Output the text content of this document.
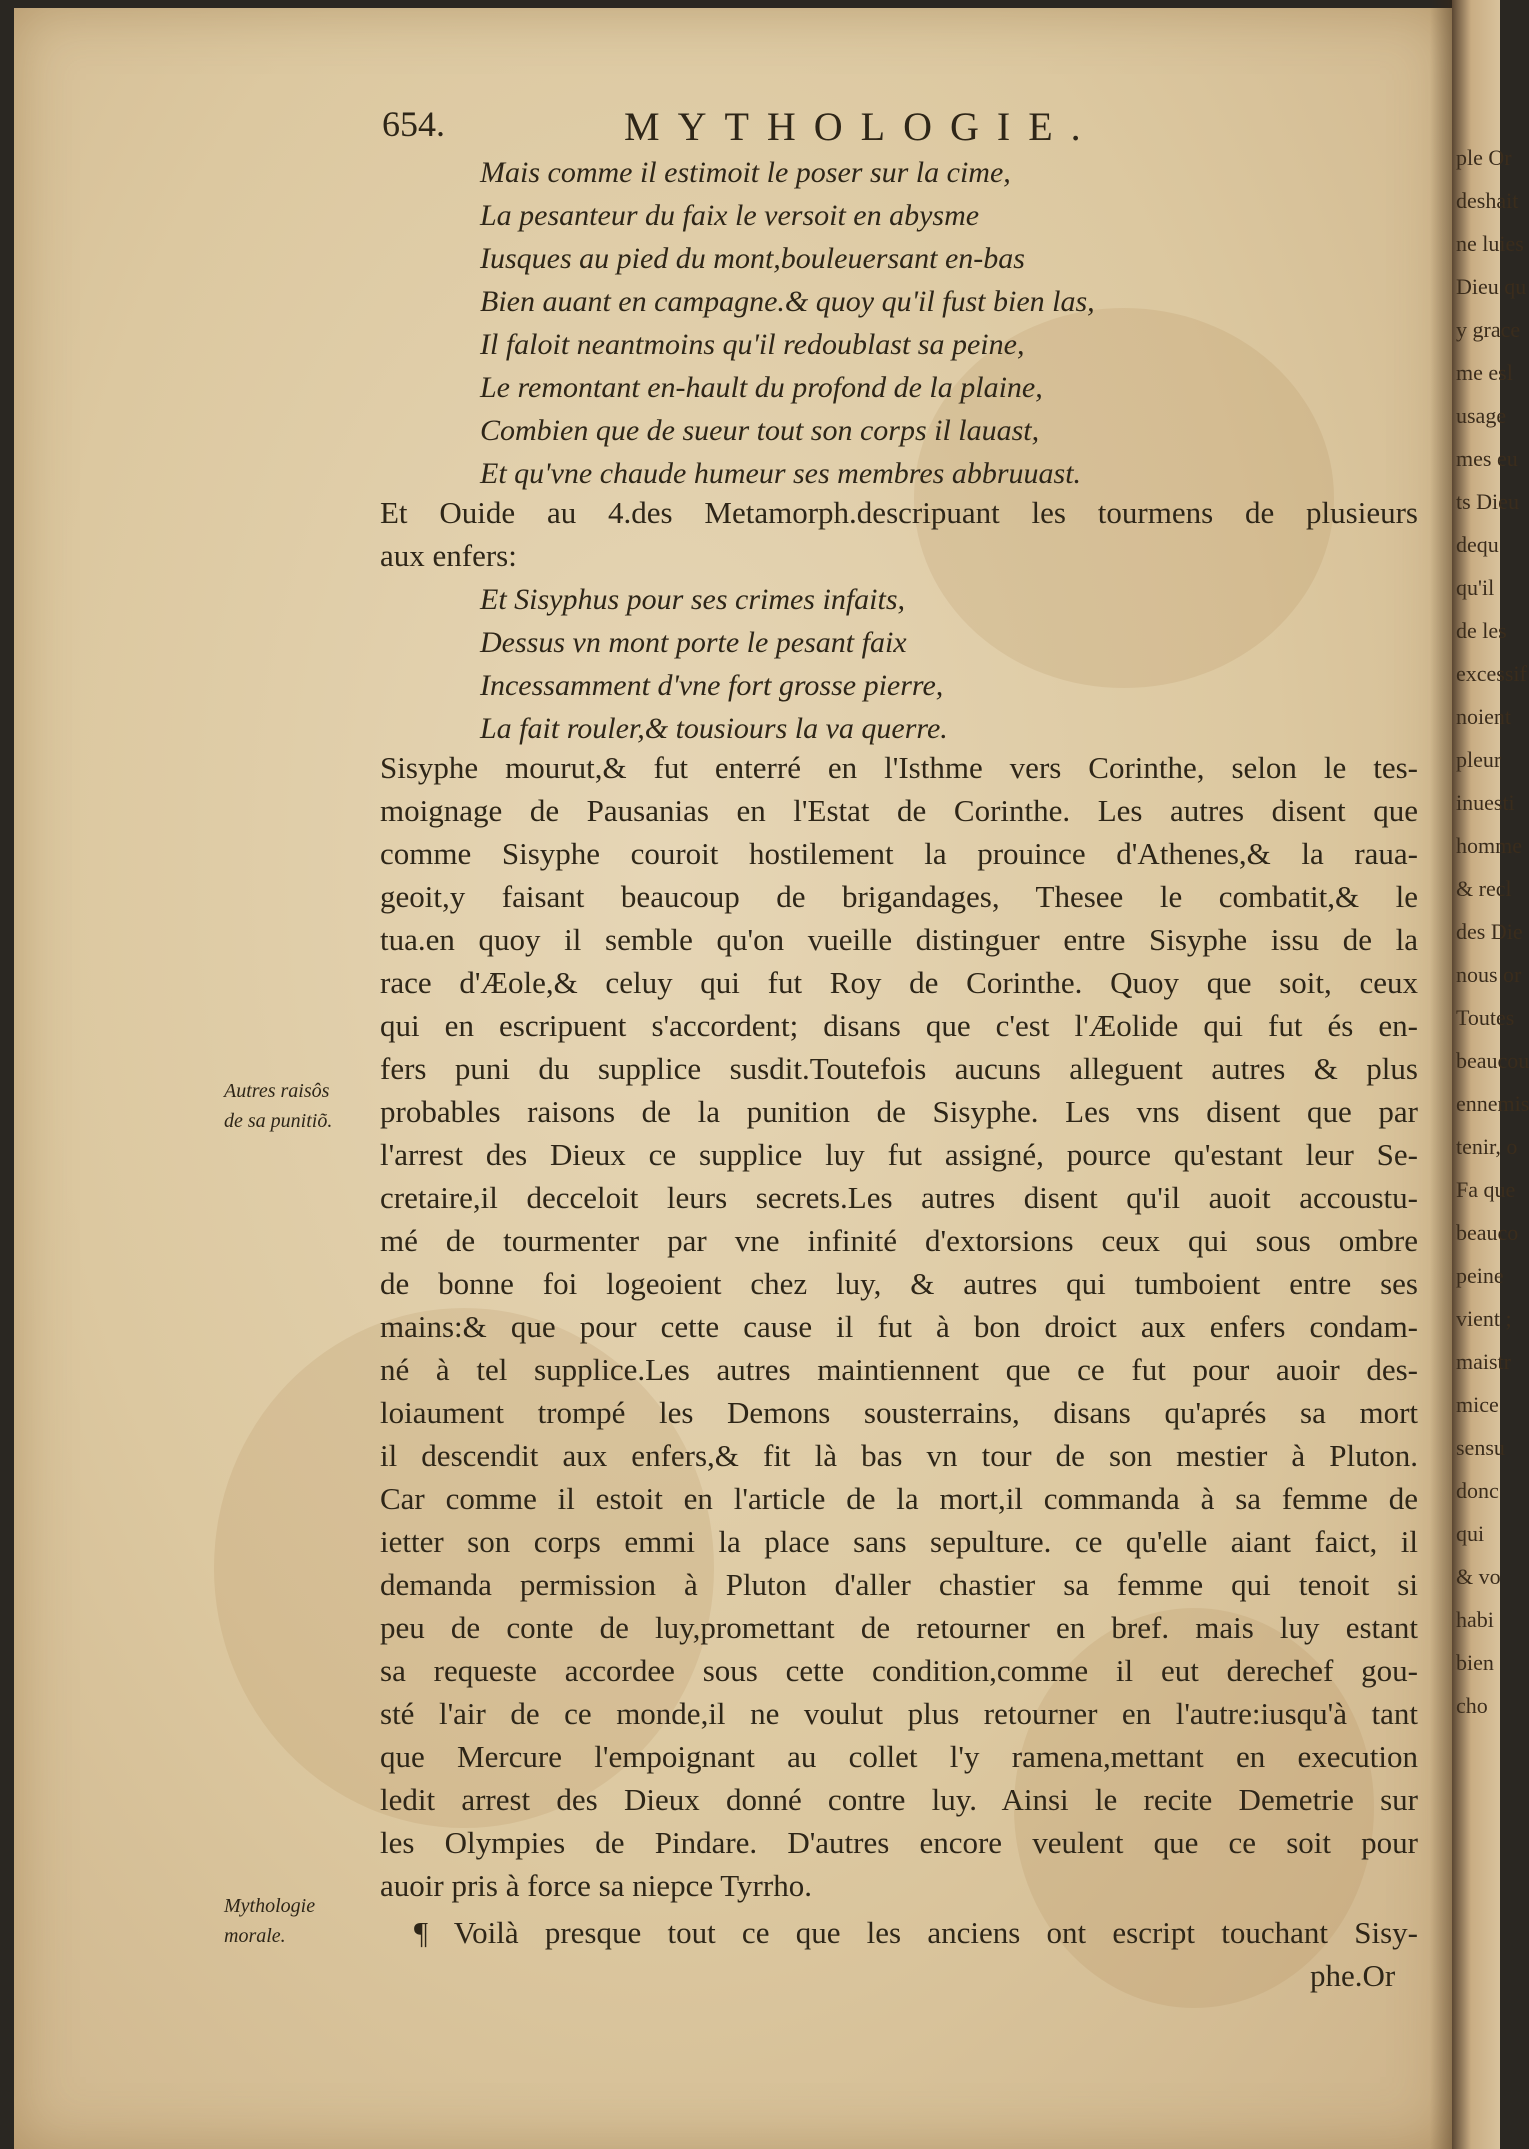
654.	MYTHOLOGIE.
Mais comme il estimoit le poser sur la cime,
La pesanteur du faix le versoit en abysme
Iusques au pied du mont,bouleuersant en-bas
Bien auant en campagne.& quoy qu'il fust bien las,
Il faloit neantmoins qu'il redoublast sa peine,
Le remontant en-hault du profond de la plaine,
Combien que de sueur tout son corps il lauast,
Et qu'vne chaude humeur ses membres abbruuast.
Et Ouide au 4.des Metamorph.descripuant les tourmens de plusieurs
aux enfers:
Et Sisyphus pour ses crimes infaits,
Dessus vn mont porte le pesant faix
Incessamment d'vne fort grosse pierre,
La fait rouler,& tousiours la va querre.
Sisyphe mourut,& fut enterré en l'Isthme vers Corinthe, selon le tes-
moignage de Pausanias en l'Estat de Corinthe. Les autres disent que
comme Sisyphe couroit hostilement la prouince d'Athenes,& la raua-
geoit,y faisant beaucoup de brigandages, Thesee le combatit,& le
tua.en quoy il semble qu'on vueille distinguer entre Sisyphe issu de la
race d'Æole,& celuy qui fut Roy de Corinthe. Quoy que soit, ceux
qui en escripuent s'accordent; disans que c'est l'Æolide qui fut és en-
fers puni du supplice susdit.Toutefois aucuns alleguent autres & plus
probables raisons de la punition de Sisyphe. Les vns disent que par
l'arrest des Dieux ce supplice luy fut assigné, pource qu'estant leur Se-
cretaire,il decceloit leurs secrets.Les autres disent qu'il auoit accoustu-
mé de tourmenter par vne infinité d'extorsions ceux qui sous ombre
de bonne foi logeoient chez luy, & autres qui tumboient entre ses
mains:& que pour cette cause il fut à bon droict aux enfers condam-
né à tel supplice.Les autres maintiennent que ce fut pour auoir des-
loiaument trompé les Demons sousterrains, disans qu'aprés sa mort
il descendit aux enfers,& fit là bas vn tour de son mestier à Pluton.
Car comme il estoit en l'article de la mort,il commanda à sa femme de
ietter son corps emmi la place sans sepulture. ce qu'elle aiant faict, il
demanda permission à Pluton d'aller chastier sa femme qui tenoit si
peu de conte de luy,promettant de retourner en bref. mais luy estant
sa requeste accordee sous cette condition,comme il eut derechef gou-
sté l'air de ce monde,il ne voulut plus retourner en l'autre:iusqu'à tant
que Mercure l'empoignant au collet l'y ramena,mettant en execution
ledit arrest des Dieux donné contre luy. Ainsi le recite Demetrie sur
les Olympies de Pindare. D'autres encore veulent que ce soit pour
auoir pris à force sa niepce Tyrrho.
¶ Voilà presque tout ce que les anciens ont escript touchant Sisy-
phe.Or
Autres raisôs
de sa punitiõ.
Mythologie
morale.
ple Or
deshait
ne luies
Dieu qu
y grace
me esl
usage
mes eu
ts Dieu
dequ
qu'il
de les
excessif
noient
pleur
inuesti
homme
& recl
des Die
nous or
Toutes
beaucou
ennemis
tenir, o
Fa que
beauco
peine
vient ;
maistr
mice
sensu
donc
qui
& vo
habi
bien
cho
